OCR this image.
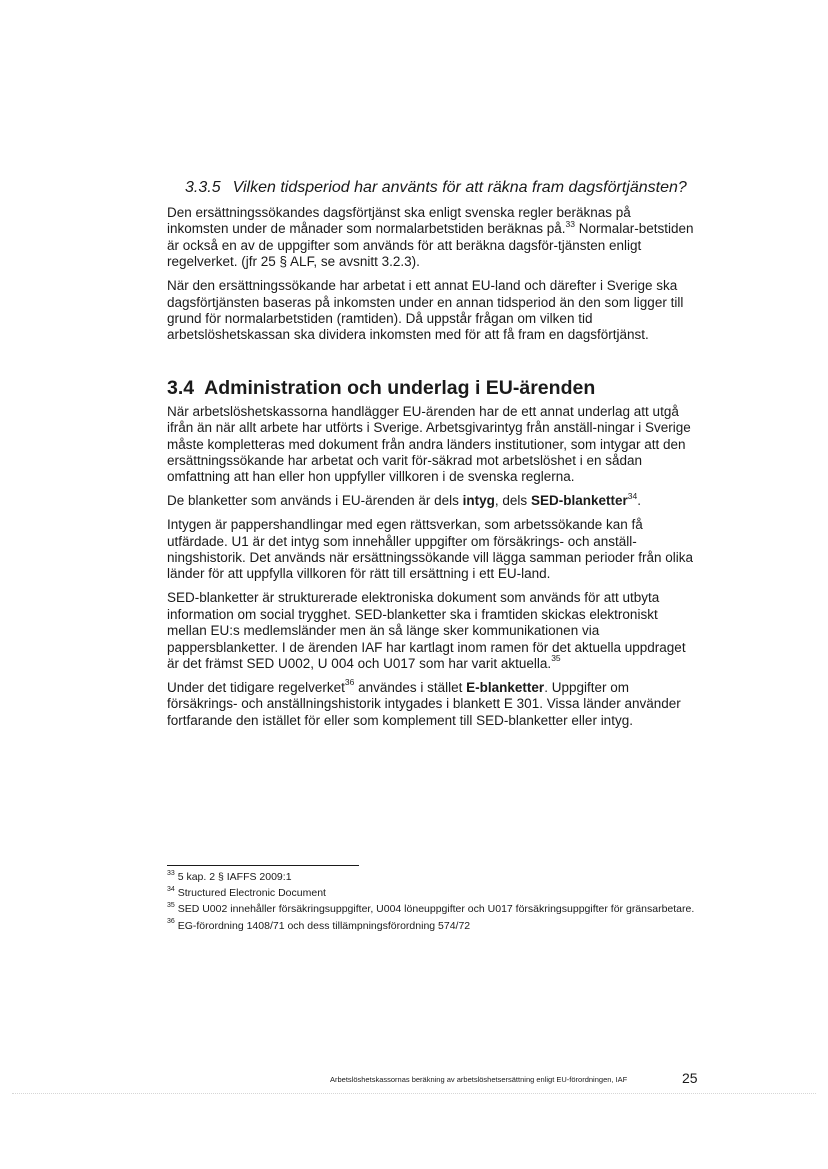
3.3.5 Vilken tidsperiod har använts för att räkna fram dagsförtjänsten?

Den ersättningssökandes dagsförtjänst ska enligt svenska regler beräknas på inkomsten under de månader som normalarbetstiden beräknas på.$^{33}$ Normalar-betstiden är också en av de uppgifter som används för att beräkna dagsför-tjänsten enligt regelverket. (jfr 25 § ALF, se avsnitt 3.2.3).

När den ersättningssökande har arbetat i ett annat EU-land och därefter i Sverige ska dagsförtjänsten baseras på inkomsten under en annan tidsperiod än den som ligger till grund för normalarbetstiden (ramtiden). Då uppstår frågan om vilken tid arbetslöshetskassan ska dividera inkomsten med för att få fram en dagsförtjänst.

3.4 Administration och underlag i EU-ärenden

När arbetslöshetskassorna handlägger EU-ärenden har de ett annat underlag att utgå ifrån än när allt arbete har utförts i Sverige. Arbetsgivarintyg från anställ-ningar i Sverige måste kompletteras med dokument från andra länders institutioner, som intygar att den ersättningssökande har arbetat och varit för-säkrad mot arbetslöshet i en sådan omfattning att han eller hon uppfyller villkoren i de svenska reglerna.

De blanketter som används i EU-ärenden är dels intyg, dels SED-blanketter$^{34}$.

Intygen är pappershandlingar med egen rättsverkan, som arbetssökande kan få utfärdade. U1 är det intyg som innehåller uppgifter om försäkrings- och anställ-ningshistorik. Det används när ersättningssökande vill lägga samman perioder från olika länder för att uppfylla villkoren för rätt till ersättning i ett EU-land.

SED-blanketter är strukturerade elektroniska dokument som används för att utbyta information om social trygghet. SED-blanketter ska i framtiden skickas elektroniskt mellan EU:s medlemsländer men än så länge sker kommunikationen via pappersblanketter. I de ärenden IAF har kartlagt inom ramen för det aktuella uppdraget är det främst SED U002, U 004 och U017 som har varit aktuella.$^{35}$

Under det tidigare regelverket$^{36}$ användes i stället E-blanketter. Uppgifter om försäkrings- och anställningshistorik intygades i blankett E 301. Vissa länder använder fortfarande den istället för eller som komplement till SED-blanketter eller intyg.

$^{33}$ 5 kap. 2 § IAFFS 2009:1

$^{34}$ Structured Electronic Document

$^{35}$ SED U002 innehåller försäkringsuppgifter, U004 löneuppgifter och U017 försäkringsuppgifter för gränsarbetare.

$^{36}$ EG-förordning 1408/71 och dess tillämpningsförordning 574/72

Arbetslöshetskassornas beräkning av arbetslöshetsersättning enligt EU-förordningen, IAF	25
